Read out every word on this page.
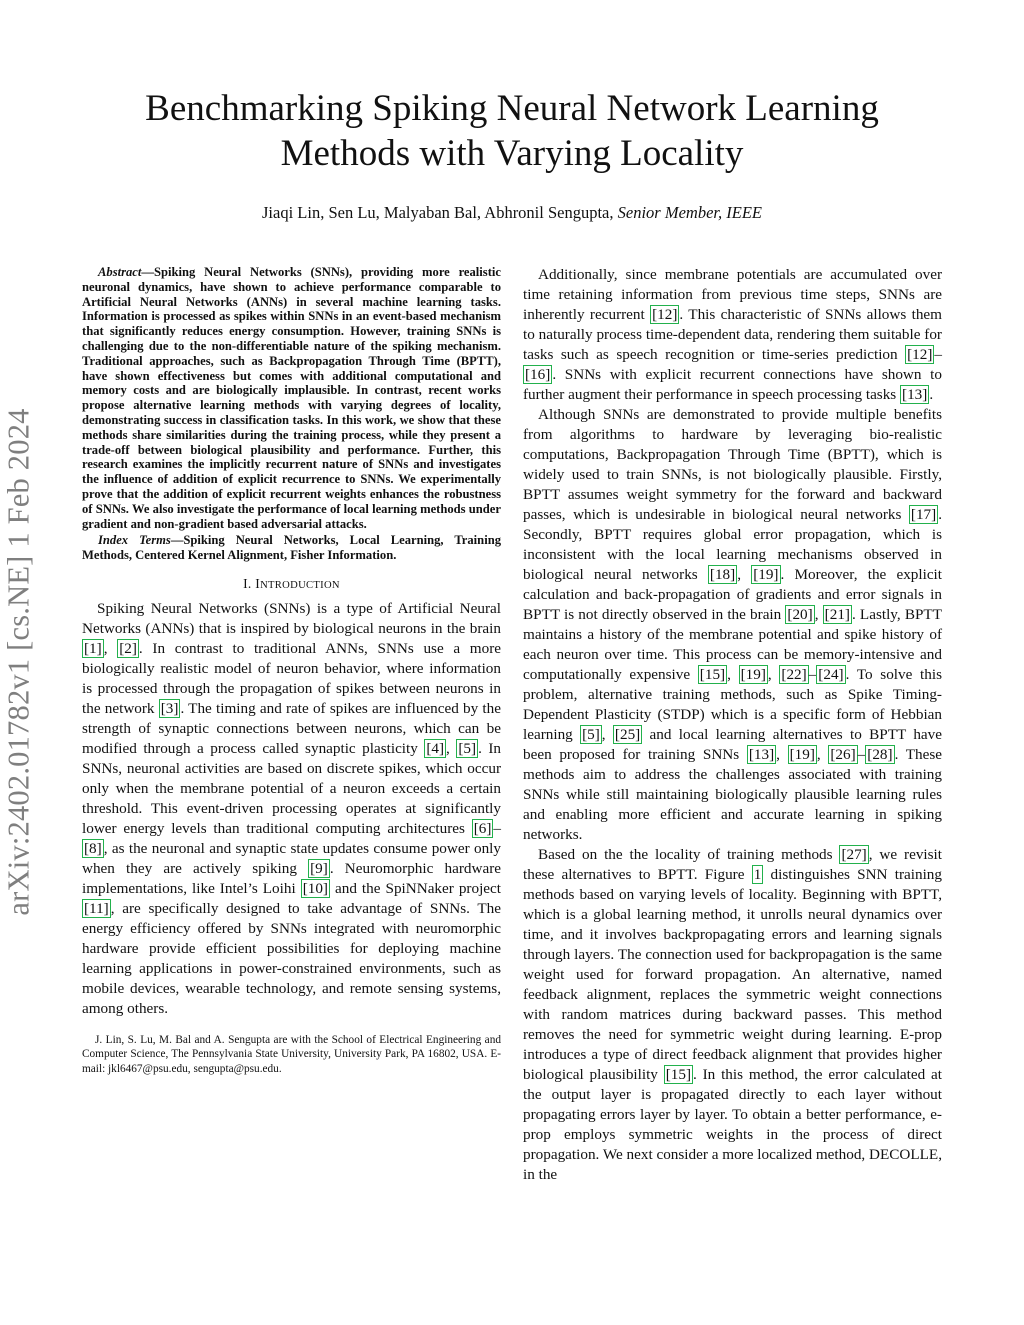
arXiv:2402.01782v1 [cs.NE] 1 Feb 2024
Benchmarking Spiking Neural Network Learning
Methods with Varying Locality
Jiaqi Lin, Sen Lu, Malyaban Bal, Abhronil Sengupta, Senior Member, IEEE

Abstract—Spiking Neural Networks (SNNs), providing more realistic neuronal dynamics, have shown to achieve performance comparable to Artificial Neural Networks (ANNs) in several machine learning tasks. Information is processed as spikes within SNNs in an event-based mechanism that significantly reduces energy consumption. However, training SNNs is challenging due to the non-differentiable nature of the spiking mechanism. Traditional approaches, such as Backpropagation Through Time (BPTT), have shown effectiveness but comes with additional computational and memory costs and are biologically implausible. In contrast, recent works propose alternative learning methods with varying degrees of locality, demonstrating success in classification tasks. In this work, we show that these methods share similarities during the training process, while they present a trade-off between biological plausibility and performance. Further, this research examines the implicitly recurrent nature of SNNs and investigates the influence of addition of explicit recurrence to SNNs. We experimentally prove that the addition of explicit recurrent weights enhances the robustness of SNNs. We also investigate the performance of local learning methods under gradient and non-gradient based adversarial attacks.

Index Terms—Spiking Neural Networks, Local Learning, Training Methods, Centered Kernel Alignment, Fisher Information.

I. INTRODUCTION

Spiking Neural Networks (SNNs) is a type of Artificial Neural Networks (ANNs) that is inspired by biological neurons in the brain [1] , [2] . In contrast to traditional ANNs, SNNs use a more biologically realistic model of neuron behavior, where information is processed through the propagation of spikes between neurons in the network [3] . The timing and rate of spikes are influenced by the strength of synaptic connections between neurons, which can be modified through a process called synaptic plasticity [4] , [5] . In SNNs, neuronal activities are based on discrete spikes, which occur only when the membrane potential of a neuron exceeds a certain threshold. This event-driven processing operates at significantly lower energy levels than traditional computing architectures [6] –[8] , as the neuronal and synaptic state updates consume power only when they are actively spiking [9] . Neuromorphic hardware implementations, like Intel’s Loihi [10] and the SpiNNaker project [11] , are specifically designed to take advantage of SNNs. The energy efficiency offered by SNNs integrated with neuromorphic hardware provide efficient possibilities for deploying machine learning applications in power-constrained environments, such as mobile devices, wearable technology, and remote sensing systems, among others.

J. Lin, S. Lu, M. Bal and A. Sengupta are with the School of Electrical Engineering and Computer Science, The Pennsylvania State University, University Park, PA 16802, USA. E-mail: jkl6467@psu.edu, sengupta@psu.edu.

Additionally, since membrane potentials are accumulated over time retaining information from previous time steps, SNNs are inherently recurrent [12] . This characteristic of SNNs allows them to naturally process time-dependent data, rendering them suitable for tasks such as speech recognition or time-series prediction [12] –[16] . SNNs with explicit recurrent connections have shown to further augment their performance in speech processing tasks [13] .

Although SNNs are demonstrated to provide multiple benefits from algorithms to hardware by leveraging bio-realistic computations, Backpropagation Through Time (BPTT), which is widely used to train SNNs, is not biologically plausible. Firstly, BPTT assumes weight symmetry for the forward and backward passes, which is undesirable in biological neural networks [17] . Secondly, BPTT requires global error propagation, which is inconsistent with the local learning mechanisms observed in biological neural networks [18] , [19] . Moreover, the explicit calculation and back-propagation of gradients and error signals in BPTT is not directly observed in the brain [20] , [21] . Lastly, BPTT maintains a history of the membrane potential and spike history of each neuron over time. This process can be memory-intensive and computationally expensive [15] , [19] , [22] – [24] . To solve this problem, alternative training methods, such as Spike Timing-Dependent Plasticity (STDP) which is a specific form of Hebbian learning [5] , [25] and local learning alternatives to BPTT have been proposed for training SNNs [13] , [19] , [26] – [28] . These methods aim to address the challenges associated with training SNNs while still maintaining biologically plausible learning rules and enabling more efficient and accurate learning in spiking networks.

Based on the the locality of training methods [27] , we revisit these alternatives to BPTT. Figure 1 distinguishes SNN training methods based on varying levels of locality. Beginning with BPTT, which is a global learning method, it unrolls neural dynamics over time, and it involves backpropagating errors and learning signals through layers. The connection used for backpropagation is the same weight used for forward propagation. An alternative, named feedback alignment, replaces the symmetric weight connections with random matrices during backward passes. This method removes the need for symmetric weight during learning. E-prop introduces a type of direct feedback alignment that provides higher biological plausibility [15] . In this method, the error calculated at the output layer is propagated directly to each layer without propagating errors layer by layer. To obtain a better performance, e-prop employs symmetric weights in the process of direct propagation. We next consider a more localized method, DECOLLE, in the
